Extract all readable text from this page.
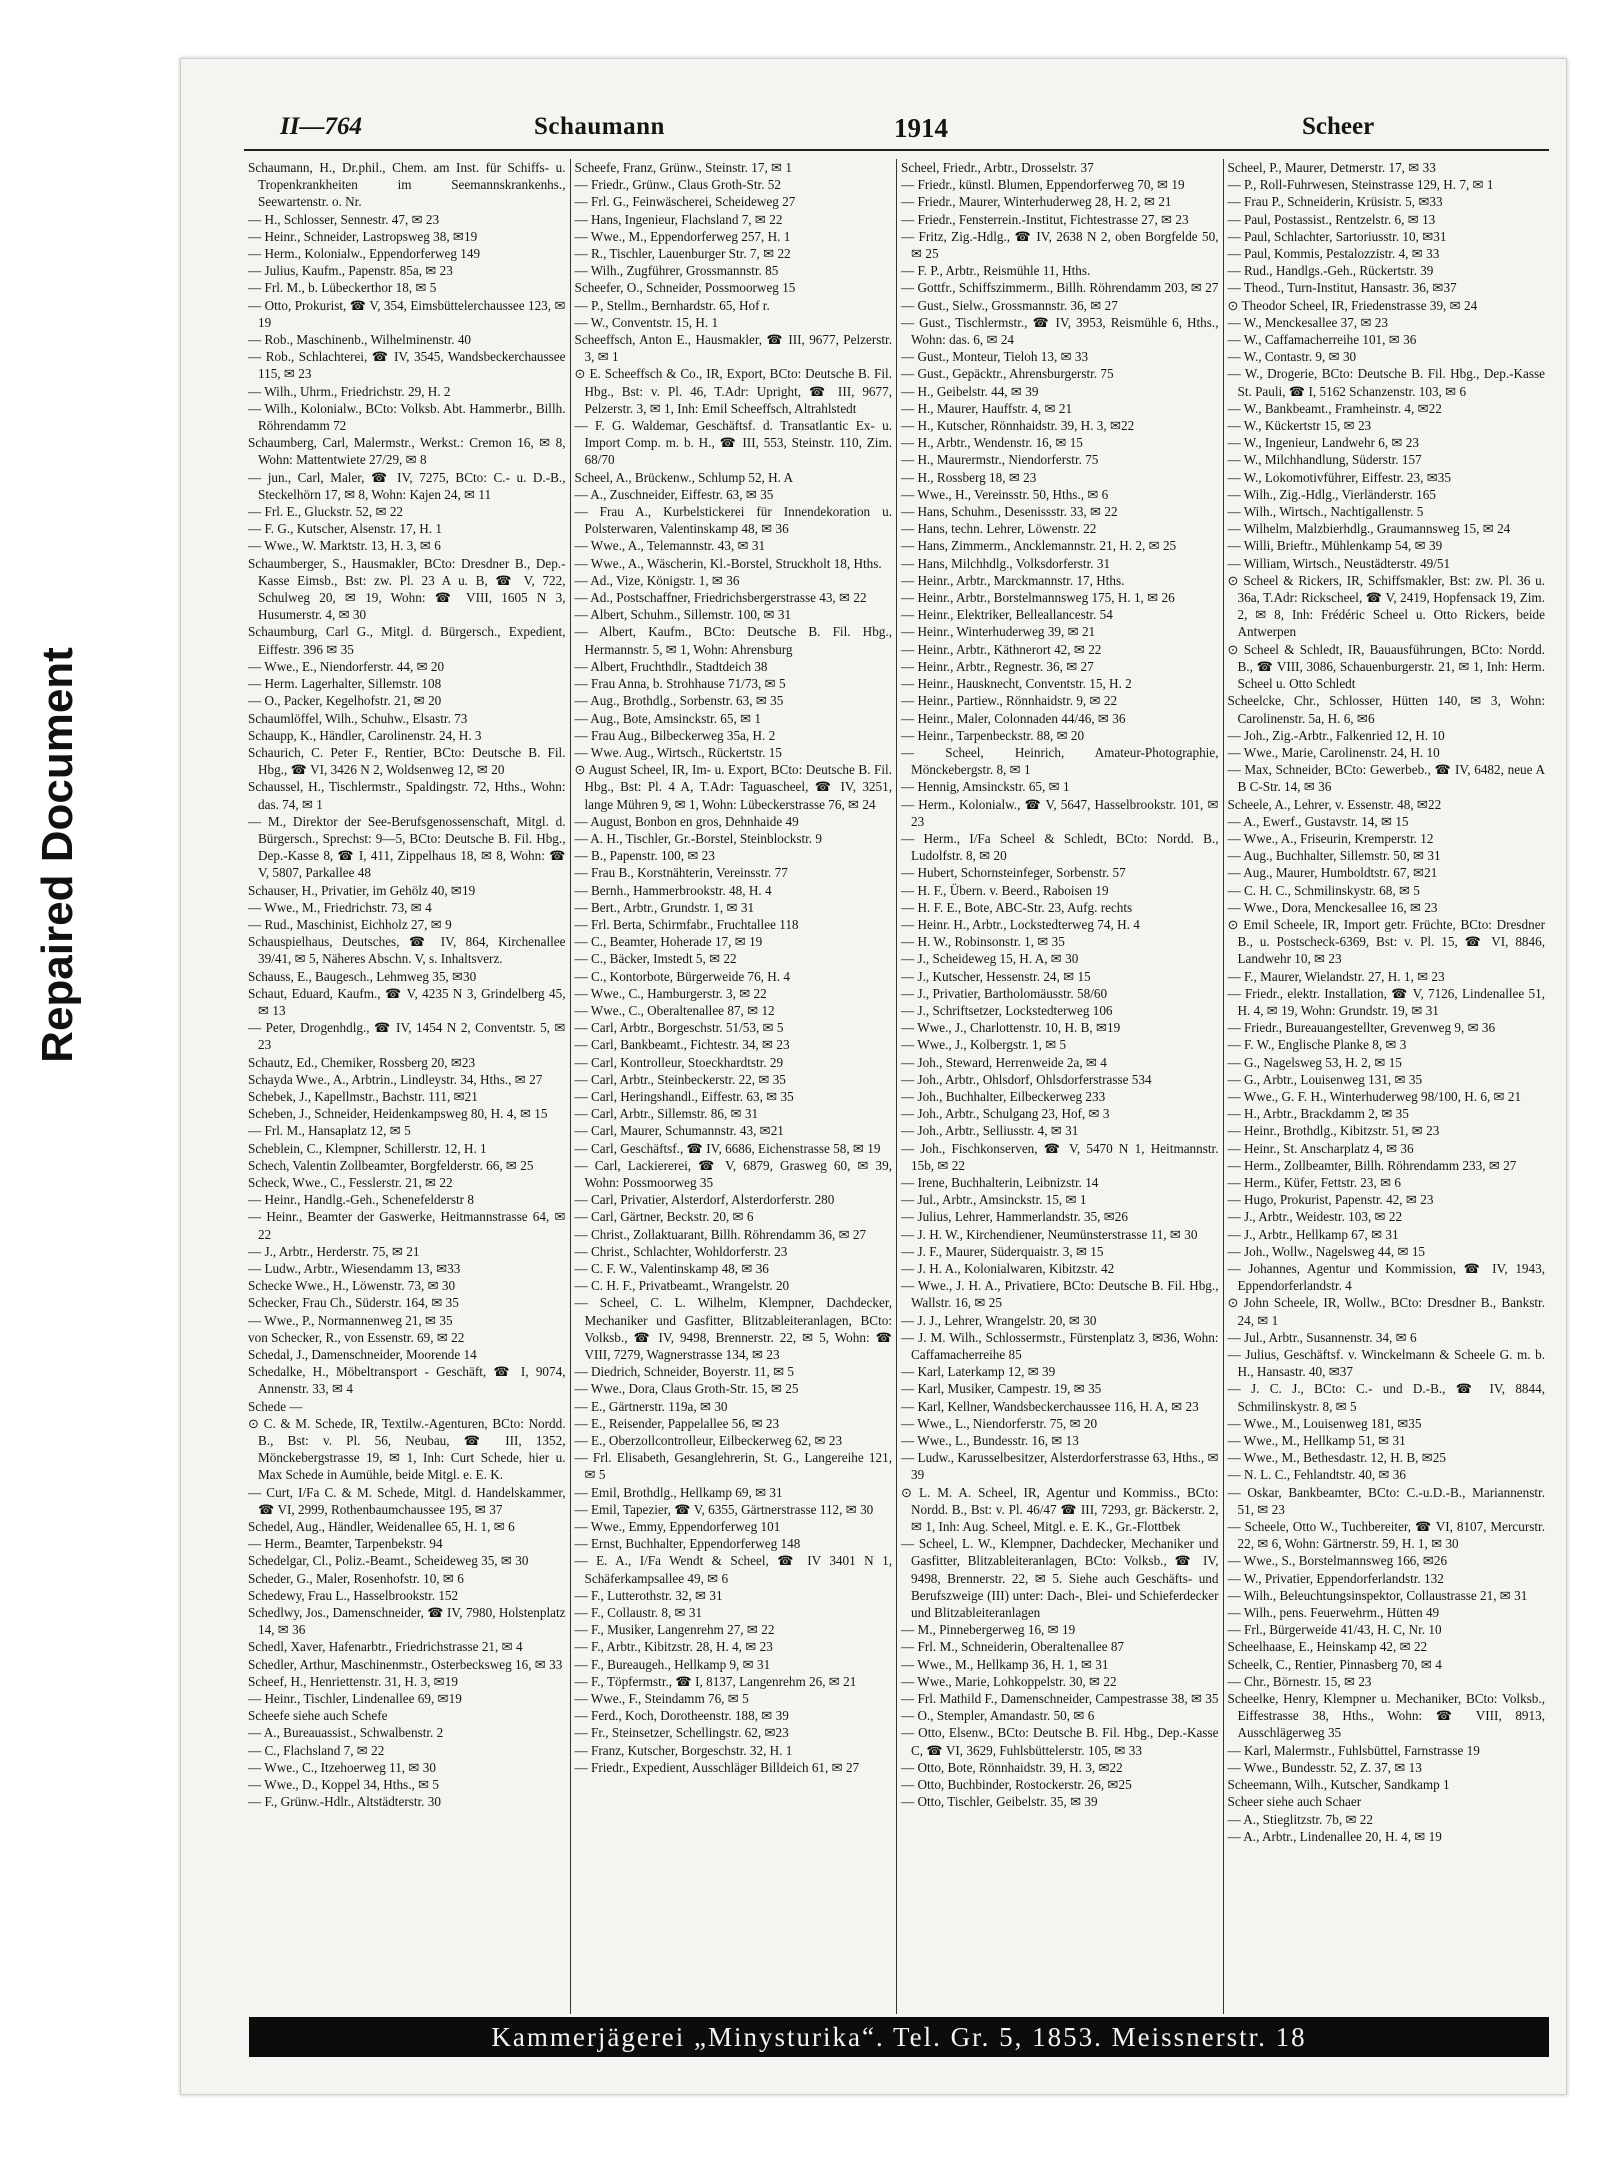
Repaired Document
II—764	Schaumann	1914	Scheer

Schaumann, H., Dr.phil., Chem. am Inst. für Schiffs- u. Tropenkrankheiten im Seemannskrankenhs., Seewartenstr. o. Nr.

— H., Schlosser, Sennestr. 47, ✉ 23

— Heinr., Schneider, Lastropsweg 38, ✉19

— Herm., Kolonialw., Eppendorferweg 149

— Julius, Kaufm., Papenstr. 85a, ✉ 23

— Frl. M., b. Lübeckerthor 18, ✉ 5

— Otto, Prokurist, ☎ V, 354, Eimsbüttelerchaussee 123, ✉ 19

— Rob., Maschinenb., Wilhelminenstr. 40

— Rob., Schlachterei, ☎ IV, 3545, Wandsbeckerchaussee 115, ✉ 23

— Wilh., Uhrm., Friedrichstr. 29, H. 2

— Wilh., Kolonialw., BCto: Volksb. Abt. Hammerbr., Billh. Röhrendamm 72

Schaumberg, Carl, Malermstr., Werkst.: Cremon 16, ✉ 8, Wohn: Mattentwiete 27/29, ✉ 8

— jun., Carl, Maler, ☎ IV, 7275, BCto: C.- u. D.-B., Steckelhörn 17, ✉ 8, Wohn: Kajen 24, ✉ 11

— Frl. E., Gluckstr. 52, ✉ 22

— F. G., Kutscher, Alsenstr. 17, H. 1

— Wwe., W. Marktstr. 13, H. 3, ✉ 6

Schaumberger, S., Hausmakler, BCto: Dresdner B., Dep.-Kasse Eimsb., Bst: zw. Pl. 23 A u. B, ☎ V, 722, Schulweg 20, ✉ 19, Wohn: ☎ VIII, 1605 N 3, Husumerstr. 4, ✉ 30

Schaumburg, Carl G., Mitgl. d. Bürgersch., Expedient, Eiffestr. 396 ✉ 35

— Wwe., E., Niendorferstr. 44, ✉ 20

— Herm. Lagerhalter, Sillemstr. 108

— O., Packer, Kegelhofstr. 21, ✉ 20

Schaumlöffel, Wilh., Schuhw., Elsastr. 73

Schaupp, K., Händler, Carolinenstr. 24, H. 3

Schaurich, C. Peter F., Rentier, BCto: Deutsche B. Fil. Hbg., ☎ VI, 3426 N 2, Woldsenweg 12, ✉ 20

Schaussel, H., Tischlermstr., Spaldingstr. 72, Hths., Wohn: das. 74, ✉ 1

— M., Direktor der See-Berufsgenossenschaft, Mitgl. d. Bürgersch., Sprechst: 9—5, BCto: Deutsche B. Fil. Hbg., Dep.-Kasse 8, ☎ I, 411, Zippelhaus 18, ✉ 8, Wohn: ☎ V, 5807, Parkallee 48

Schauser, H., Privatier, im Gehölz 40, ✉19

— Wwe., M., Friedrichstr. 73, ✉ 4

— Rud., Maschinist, Eichholz 27, ✉ 9

Schauspielhaus, Deutsches, ☎ IV, 864, Kirchenallee 39/41, ✉ 5, Näheres Abschn. V, s. Inhaltsverz.

Schauss, E., Baugesch., Lehmweg 35, ✉30

Schaut, Eduard, Kaufm., ☎ V, 4235 N 3, Grindelberg 45, ✉ 13

— Peter, Drogenhdlg., ☎ IV, 1454 N 2, Conventstr. 5, ✉ 23

Schautz, Ed., Chemiker, Rossberg 20, ✉23

Schayda Wwe., A., Arbtrin., Lindleystr. 34, Hths., ✉ 27

Schebek, J., Kapellmstr., Bachstr. 111, ✉21

Scheben, J., Schneider, Heidenkampsweg 80, H. 4, ✉ 15

— Frl. M., Hansaplatz 12, ✉ 5

Scheblein, C., Klempner, Schillerstr. 12, H. 1

Schech, Valentin Zollbeamter, Borgfelderstr. 66, ✉ 25

Scheck, Wwe., C., Fesslerstr. 21, ✉ 22

— Heinr., Handlg.-Geh., Schenefelderstr 8

— Heinr., Beamter der Gaswerke, Heitmannstrasse 64, ✉ 22

— J., Arbtr., Herderstr. 75, ✉ 21

— Ludw., Arbtr., Wiesendamm 13, ✉33

Schecke Wwe., H., Löwenstr. 73, ✉ 30

Schecker, Frau Ch., Süderstr. 164, ✉ 35

— Wwe., P., Normannenweg 21, ✉ 35

von Schecker, R., von Essenstr. 69, ✉ 22

Schedal, J., Damenschneider, Moorende 14

Schedalke, H., Möbeltransport - Geschäft, ☎ I, 9074, Annenstr. 33, ✉ 4

Schede —

⊙ C. & M. Schede, IR, Textilw.-Agenturen, BCto: Nordd. B., Bst: v. Pl. 56, Neubau, ☎ III, 1352, Mönckebergstrasse 19, ✉ 1, Inh: Curt Schede, hier u. Max Schede in Aumühle, beide Mitgl. e. E. K.

— Curt, I/Fa C. & M. Schede, Mitgl. d. Handelskammer, ☎ VI, 2999, Rothenbaumchaussee 195, ✉ 37

Schedel, Aug., Händler, Weidenallee 65, H. 1, ✉ 6

— Herm., Beamter, Tarpenbekstr. 94

Schedelgar, Cl., Poliz.-Beamt., Scheideweg 35, ✉ 30

Scheder, G., Maler, Rosenhofstr. 10, ✉ 6

Schedewy, Frau L., Hasselbrookstr. 152

Schedlwy, Jos., Damenschneider, ☎ IV, 7980, Holstenplatz 14, ✉ 36

Schedl, Xaver, Hafenarbtr., Friedrichstrasse 21, ✉ 4

Schedler, Arthur, Maschinenmstr., Osterbecksweg 16, ✉ 33

Scheef, H., Henriettenstr. 31, H. 3, ✉19

— Heinr., Tischler, Lindenallee 69, ✉19

Scheefe siehe auch Schefe

— A., Bureauassist., Schwalbenstr. 2

— C., Flachsland 7, ✉ 22

— Wwe., C., Itzehoerweg 11, ✉ 30

— Wwe., D., Koppel 34, Hths., ✉ 5

— F., Grünw.-Hdlr., Altstädterstr. 30

Scheefe, Franz, Grünw., Steinstr. 17, ✉ 1

— Friedr., Grünw., Claus Groth-Str. 52

— Frl. G., Feinwäscherei, Scheideweg 27

— Hans, Ingenieur, Flachsland 7, ✉ 22

— Wwe., M., Eppendorferweg 257, H. 1

— R., Tischler, Lauenburger Str. 7, ✉ 22

— Wilh., Zugführer, Grossmannstr. 85

Scheefer, O., Schneider, Possmoorweg 15

— P., Stellm., Bernhardstr. 65, Hof r.

— W., Conventstr. 15, H. 1

Scheeffsch, Anton E., Hausmakler, ☎ III, 9677, Pelzerstr. 3, ✉ 1

⊙ E. Scheeffsch & Co., IR, Export, BCto: Deutsche B. Fil. Hbg., Bst: v. Pl. 46, T.Adr: Upright, ☎ III, 9677, Pelzerstr. 3, ✉ 1, Inh: Emil Scheeffsch, Altrahlstedt

— F. G. Waldemar, Geschäftsf. d. Transatlantic Ex- u. Import Comp. m. b. H., ☎ III, 553, Steinstr. 110, Zim. 68/70

Scheel, A., Brückenw., Schlump 52, H. A

— A., Zuschneider, Eiffestr. 63, ✉ 35

— Frau A., Kurbelstickerei für Innendekoration u. Polsterwaren, Valentinskamp 48, ✉ 36

— Wwe., A., Telemannstr. 43, ✉ 31

— Wwe., A., Wäscherin, Kl.-Borstel, Struckholt 18, Hths.

— Ad., Vize, Königstr. 1, ✉ 36

— Ad., Postschaffner, Friedrichsbergerstrasse 43, ✉ 22

— Albert, Schuhm., Sillemstr. 100, ✉ 31

— Albert, Kaufm., BCto: Deutsche B. Fil. Hbg., Hermannstr. 5, ✉ 1, Wohn: Ahrensburg

— Albert, Fruchthdlr., Stadtdeich 38

— Frau Anna, b. Strohhause 71/73, ✉ 5

— Aug., Brothdlg., Sorbenstr. 63, ✉ 35

— Aug., Bote, Amsinckstr. 65, ✉ 1

— Frau Aug., Bilbeckerweg 35a, H. 2

— Wwe. Aug., Wirtsch., Rückertstr. 15

⊙ August Scheel, IR, Im- u. Export, BCto: Deutsche B. Fil. Hbg., Bst: Pl. 4 A, T.Adr: Taguascheel, ☎ IV, 3251, lange Mühren 9, ✉ 1, Wohn: Lübeckerstrasse 76, ✉ 24

— August, Bonbon en gros, Dehnhaide 49

— A. H., Tischler, Gr.-Borstel, Steinblockstr. 9

— B., Papenstr. 100, ✉ 23

— Frau B., Korstnähterin, Vereinsstr. 77

— Bernh., Hammerbrookstr. 48, H. 4

— Bert., Arbtr., Grundstr. 1, ✉ 31

— Frl. Berta, Schirmfabr., Fruchtallee 118

— C., Beamter, Hoherade 17, ✉ 19

— C., Bäcker, Imstedt 5, ✉ 22

— C., Kontorbote, Bürgerweide 76, H. 4

— Wwe., C., Hamburgerstr. 3, ✉ 22

— Wwe., C., Oberaltenallee 87, ✉ 12

— Carl, Arbtr., Borgeschstr. 51/53, ✉ 5

— Carl, Bankbeamt., Fichtestr. 34, ✉ 23

— Carl, Kontrolleur, Stoeckhardtstr. 29

— Carl, Arbtr., Steinbeckerstr. 22, ✉ 35

— Carl, Heringshandl., Eiffestr. 63, ✉ 35

— Carl, Arbtr., Sillemstr. 86, ✉ 31

— Carl, Maurer, Schumannstr. 43, ✉21

— Carl, Geschäftsf., ☎ IV, 6686, Eichenstrasse 58, ✉ 19

— Carl, Lackiererei, ☎ V, 6879, Grasweg 60, ✉ 39, Wohn: Possmoorweg 35

— Carl, Privatier, Alsterdorf, Alsterdorferstr. 280

— Carl, Gärtner, Beckstr. 20, ✉ 6

— Christ., Zollaktuarant, Billh. Röhrendamm 36, ✉ 27

— Christ., Schlachter, Wohldorferstr. 23

— C. F. W., Valentinskamp 48, ✉ 36

— C. H. F., Privatbeamt., Wrangelstr. 20

— Scheel, C. L. Wilhelm, Klempner, Dachdecker, Mechaniker und Gasfitter, Blitzableiteranlagen, BCto: Volksb., ☎ IV, 9498, Brennerstr. 22, ✉ 5, Wohn: ☎ VIII, 7279, Wagnerstrasse 134, ✉ 23

— Diedrich, Schneider, Boyerstr. 11, ✉ 5

— Wwe., Dora, Claus Groth-Str. 15, ✉ 25

— E., Gärtnerstr. 119a, ✉ 30

— E., Reisender, Pappelallee 56, ✉ 23

— E., Oberzollcontrolleur, Eilbeckerweg 62, ✉ 23

— Frl. Elisabeth, Gesanglehrerin, St. G., Langereihe 121, ✉ 5

— Emil, Brothdlg., Hellkamp 69, ✉ 31

— Emil, Tapezier, ☎ V, 6355, Gärtnerstrasse 112, ✉ 30

— Wwe., Emmy, Eppendorferweg 101

— Ernst, Buchhalter, Eppendorferweg 148

— E. A., I/Fa Wendt & Scheel, ☎ IV 3401 N 1, Schäferkampsallee 49, ✉ 6

— F., Lutterothstr. 32, ✉ 31

— F., Collaustr. 8, ✉ 31

— F., Musiker, Langenrehm 27, ✉ 22

— F., Arbtr., Kibitzstr. 28, H. 4, ✉ 23

— F., Bureaugeh., Hellkamp 9, ✉ 31

— F., Töpfermstr., ☎ I, 8137, Langenrehm 26, ✉ 21

— Wwe., F., Steindamm 76, ✉ 5

— Ferd., Koch, Dorotheenstr. 188, ✉ 39

— Fr., Steinsetzer, Schellingstr. 62, ✉23

— Franz, Kutscher, Borgeschstr. 32, H. 1

— Friedr., Expedient, Ausschläger Billdeich 61, ✉ 27

Scheel, Friedr., Arbtr., Drosselstr. 37

— Friedr., künstl. Blumen, Eppendorferweg 70, ✉ 19

— Friedr., Maurer, Winterhuderweg 28, H. 2, ✉ 21

— Friedr., Fensterrein.-Institut, Fichtestrasse 27, ✉ 23

— Fritz, Zig.-Hdlg., ☎ IV, 2638 N 2, oben Borgfelde 50, ✉ 25

— F. P., Arbtr., Reismühle 11, Hths.

— Gottfr., Schiffszimmerm., Billh. Röhrendamm 203, ✉ 27

— Gust., Sielw., Grossmannstr. 36, ✉ 27

— Gust., Tischlermstr., ☎ IV, 3953, Reismühle 6, Hths., Wohn: das. 6, ✉ 24

— Gust., Monteur, Tieloh 13, ✉ 33

— Gust., Gepäcktr., Ahrensburgerstr. 75

— H., Geibelstr. 44, ✉ 39

— H., Maurer, Hauffstr. 4, ✉ 21

— H., Kutscher, Rönnhaidstr. 39, H. 3, ✉22

— H., Arbtr., Wendenstr. 16, ✉ 15

— H., Maurermstr., Niendorferstr. 75

— H., Rossberg 18, ✉ 23

— Wwe., H., Vereinsstr. 50, Hths., ✉ 6

— Hans, Schuhm., Desenissstr. 33, ✉ 22

— Hans, techn. Lehrer, Löwenstr. 22

— Hans, Zimmerm., Ancklemannstr. 21, H. 2, ✉ 25

— Hans, Milchhdlg., Volksdorferstr. 31

— Heinr., Arbtr., Marckmannstr. 17, Hths.

— Heinr., Arbtr., Borstelmannsweg 175, H. 1, ✉ 26

— Heinr., Elektriker, Belleallancestr. 54

— Heinr., Winterhuderweg 39, ✉ 21

— Heinr., Arbtr., Käthnerort 42, ✉ 22

— Heinr., Arbtr., Regnestr. 36, ✉ 27

— Heinr., Hausknecht, Conventstr. 15, H. 2

— Heinr., Partiew., Rönnhaidstr. 9, ✉ 22

— Heinr., Maler, Colonnaden 44/46, ✉ 36

— Heinr., Tarpenbeckstr. 88, ✉ 20

— Scheel, Heinrich, Amateur-Photographie, Mönckebergstr. 8, ✉ 1

— Hennig, Amsinckstr. 65, ✉ 1

— Herm., Kolonialw., ☎ V, 5647, Hasselbrookstr. 101, ✉ 23

— Herm., I/Fa Scheel & Schledt, BCto: Nordd. B., Ludolfstr. 8, ✉ 20

— Hubert, Schornsteinfeger, Sorbenstr. 57

— H. F., Übern. v. Beerd., Raboisen 19

— H. F. E., Bote, ABC-Str. 23, Aufg. rechts

— Heinr. H., Arbtr., Lockstedterweg 74, H. 4

— H. W., Robinsonstr. 1, ✉ 35

— J., Scheideweg 15, H. A, ✉ 30

— J., Kutscher, Hessenstr. 24, ✉ 15

— J., Privatier, Bartholomäusstr. 58/60

— J., Schriftsetzer, Lockstedterweg 106

— Wwe., J., Charlottenstr. 10, H. B, ✉19

— Wwe., J., Kolbergstr. 1, ✉ 5

— Joh., Steward, Herrenweide 2a, ✉ 4

— Joh., Arbtr., Ohlsdorf, Ohlsdorferstrasse 534

— Joh., Buchhalter, Eilbeckerweg 233

— Joh., Arbtr., Schulgang 23, Hof, ✉ 3

— Joh., Arbtr., Selliusstr. 4, ✉ 31

— Joh., Fischkonserven, ☎ V, 5470 N 1, Heitmannstr. 15b, ✉ 22

— Irene, Buchhalterin, Leibnizstr. 14

— Jul., Arbtr., Amsinckstr. 15, ✉ 1

— Julius, Lehrer, Hammerlandstr. 35, ✉26

— J. H. W., Kirchendiener, Neumünsterstrasse 11, ✉ 30

— J. F., Maurer, Süderquaistr. 3, ✉ 15

— J. H. A., Kolonialwaren, Kibitzstr. 42

— Wwe., J. H. A., Privatiere, BCto: Deutsche B. Fil. Hbg., Wallstr. 16, ✉ 25

— J. J., Lehrer, Wrangelstr. 20, ✉ 30

— J. M. Wilh., Schlossermstr., Fürstenplatz 3, ✉36, Wohn: Caffamacherreihe 85

— Karl, Laterkamp 12, ✉ 39

— Karl, Musiker, Campestr. 19, ✉ 35

— Karl, Kellner, Wandsbeckerchaussee 116, H. A, ✉ 23

— Wwe., L., Niendorferstr. 75, ✉ 20

— Wwe., L., Bundesstr. 16, ✉ 13

— Ludw., Karusselbesitzer, Alsterdorferstrasse 63, Hths., ✉ 39

⊙ L. M. A. Scheel, IR, Agentur und Kommiss., BCto: Nordd. B., Bst: v. Pl. 46/47 ☎ III, 7293, gr. Bäckerstr. 2, ✉ 1, Inh: Aug. Scheel, Mitgl. e. E. K., Gr.-Flottbek

— Scheel, L. W., Klempner, Dachdecker, Mechaniker und Gasfitter, Blitzableiteranlagen, BCto: Volksb., ☎ IV, 9498, Brennerstr. 22, ✉ 5. Siehe auch Geschäfts- und Berufszweige (III) unter: Dach-, Blei- und Schieferdecker und Blitzableiteranlagen

— M., Pinnebergerweg 16, ✉ 19

— Frl. M., Schneiderin, Oberaltenallee 87

— Wwe., M., Hellkamp 36, H. 1, ✉ 31

— Wwe., Marie, Lohkoppelstr. 30, ✉ 22

— Frl. Mathild F., Damenschneider, Campestrasse 38, ✉ 35

— O., Stempler, Amandastr. 50, ✉ 6

— Otto, Elsenw., BCto: Deutsche B. Fil. Hbg., Dep.-Kasse C, ☎ VI, 3629, Fuhlsbüttelerstr. 105, ✉ 33

— Otto, Bote, Rönnhaidstr. 39, H. 3, ✉22

— Otto, Buchbinder, Rostockerstr. 26, ✉25

— Otto, Tischler, Geibelstr. 35, ✉ 39

Scheel, P., Maurer, Detmerstr. 17, ✉ 33

— P., Roll-Fuhrwesen, Steinstrasse 129, H. 7, ✉ 1

— Frau P., Schneiderin, Krüsistr. 5, ✉33

— Paul, Postassist., Rentzelstr. 6, ✉ 13

— Paul, Schlachter, Sartoriusstr. 10, ✉31

— Paul, Kommis, Pestalozzistr. 4, ✉ 33

— Rud., Handlgs.-Geh., Rückertstr. 39

— Theod., Turn-Institut, Hansastr. 36, ✉37

⊙ Theodor Scheel, IR, Friedenstrasse 39, ✉ 24

— W., Menckesallee 37, ✉ 23

— W., Caffamacherreihe 101, ✉ 36

— W., Contastr. 9, ✉ 30

— W., Drogerie, BCto: Deutsche B. Fil. Hbg., Dep.-Kasse St. Pauli, ☎ I, 5162 Schanzenstr. 103, ✉ 6

— W., Bankbeamt., Framheinstr. 4, ✉22

— W., Kückertstr 15, ✉ 23

— W., Ingenieur, Landwehr 6, ✉ 23

— W., Milchhandlung, Süderstr. 157

— W., Lokomotivführer, Eiffestr. 23, ✉35

— Wilh., Zig.-Hdlg., Vierländerstr. 165

— Wilh., Wirtsch., Nachtigallenstr. 5

— Wilhelm, Malzbierhdlg., Graumannsweg 15, ✉ 24

— Willi, Brieftr., Mühlenkamp 54, ✉ 39

— William, Wirtsch., Neustädterstr. 49/51

⊙ Scheel & Rickers, IR, Schiffsmakler, Bst: zw. Pl. 36 u. 36a, T.Adr: Rickscheel, ☎ V, 2419, Hopfensack 19, Zim. 2, ✉ 8, Inh: Frédéric Scheel u. Otto Rickers, beide Antwerpen

⊙ Scheel & Schledt, IR, Bauausführungen, BCto: Nordd. B., ☎ VIII, 3086, Schauenburgerstr. 21, ✉ 1, Inh: Herm. Scheel u. Otto Schledt

Scheelcke, Chr., Schlosser, Hütten 140, ✉ 3, Wohn: Carolinenstr. 5a, H. 6, ✉6

— Joh., Zig.-Arbtr., Falkenried 12, H. 10

— Wwe., Marie, Carolinenstr. 24, H. 10

— Max, Schneider, BCto: Gewerbeb., ☎ IV, 6482, neue A B C-Str. 14, ✉ 36

Scheele, A., Lehrer, v. Essenstr. 48, ✉22

— A., Ewerf., Gustavstr. 14, ✉ 15

— Wwe., A., Friseurin, Kremperstr. 12

— Aug., Buchhalter, Sillemstr. 50, ✉ 31

— Aug., Maurer, Humboldtstr. 67, ✉21

— C. H. C., Schmilinskystr. 68, ✉ 5

— Wwe., Dora, Menckesallee 16, ✉ 23

⊙ Emil Scheele, IR, Import getr. Früchte, BCto: Dresdner B., u. Postscheck-6369, Bst: v. Pl. 15, ☎ VI, 8846, Landwehr 10, ✉ 23

— F., Maurer, Wielandstr. 27, H. 1, ✉ 23

— Friedr., elektr. Installation, ☎ V, 7126, Lindenallee 51, H. 4, ✉ 19, Wohn: Grundstr. 19, ✉ 31

— Friedr., Bureauangestellter, Grevenweg 9, ✉ 36

— F. W., Englische Planke 8, ✉ 3

— G., Nagelsweg 53, H. 2, ✉ 15

— G., Arbtr., Louisenweg 131, ✉ 35

— Wwe., G. F. H., Winterhuderweg 98/100, H. 6, ✉ 21

— H., Arbtr., Brackdamm 2, ✉ 35

— Heinr., Brothdlg., Kibitzstr. 51, ✉ 23

— Heinr., St. Anscharplatz 4, ✉ 36

— Herm., Zollbeamter, Billh. Röhrendamm 233, ✉ 27

— Herm., Küfer, Fettstr. 23, ✉ 6

— Hugo, Prokurist, Papenstr. 42, ✉ 23

— J., Arbtr., Weidestr. 103, ✉ 22

— J., Arbtr., Hellkamp 67, ✉ 31

— Joh., Wollw., Nagelsweg 44, ✉ 15

— Johannes, Agentur und Kommission, ☎ IV, 1943, Eppendorferlandstr. 4

⊙ John Scheele, IR, Wollw., BCto: Dresdner B., Bankstr. 24, ✉ 1

— Jul., Arbtr., Susannenstr. 34, ✉ 6

— Julius, Geschäftsf. v. Winckelmann & Scheele G. m. b. H., Hansastr. 40, ✉37

— J. C. J., BCto: C.- und D.-B., ☎ IV, 8844, Schmilinskystr. 8, ✉ 5

— Wwe., M., Louisenweg 181, ✉35

— Wwe., M., Hellkamp 51, ✉ 31

— Wwe., M., Bethesdastr. 12, H. B, ✉25

— N. L. C., Fehlandtstr. 40, ✉ 36

— Oskar, Bankbeamter, BCto: C.-u.D.-B., Mariannenstr. 51, ✉ 23

— Scheele, Otto W., Tuchbereiter, ☎ VI, 8107, Mercurstr. 22, ✉ 6, Wohn: Gärtnerstr. 59, H. 1, ✉ 30

— Wwe., S., Borstelmannsweg 166, ✉26

— W., Privatier, Eppendorferlandstr. 132

— Wilh., Beleuchtungsinspektor, Collaustrasse 21, ✉ 31

— Wilh., pens. Feuerwehrm., Hütten 49

— Frl., Bürgerweide 41/43, H. C, Nr. 10

Scheelhaase, E., Heinskamp 42, ✉ 22

Scheelk, C., Rentier, Pinnasberg 70, ✉ 4

— Chr., Börnestr. 15, ✉ 23

Scheelke, Henry, Klempner u. Mechaniker, BCto: Volksb., Eiffestrasse 38, Hths., Wohn: ☎ VIII, 8913, Ausschlägerweg 35

— Karl, Malermstr., Fuhlsbüttel, Farnstrasse 19

— Wwe., Bundesstr. 52, Z. 37, ✉ 13

Scheemann, Wilh., Kutscher, Sandkamp 1

Scheer siehe auch Schaer

— A., Stieglitzstr. 7b, ✉ 22

— A., Arbtr., Lindenallee 20, H. 4, ✉ 19

Kammerjägerei „Minysturika“. Tel. Gr. 5, 1853. Meissnerstr. 18
